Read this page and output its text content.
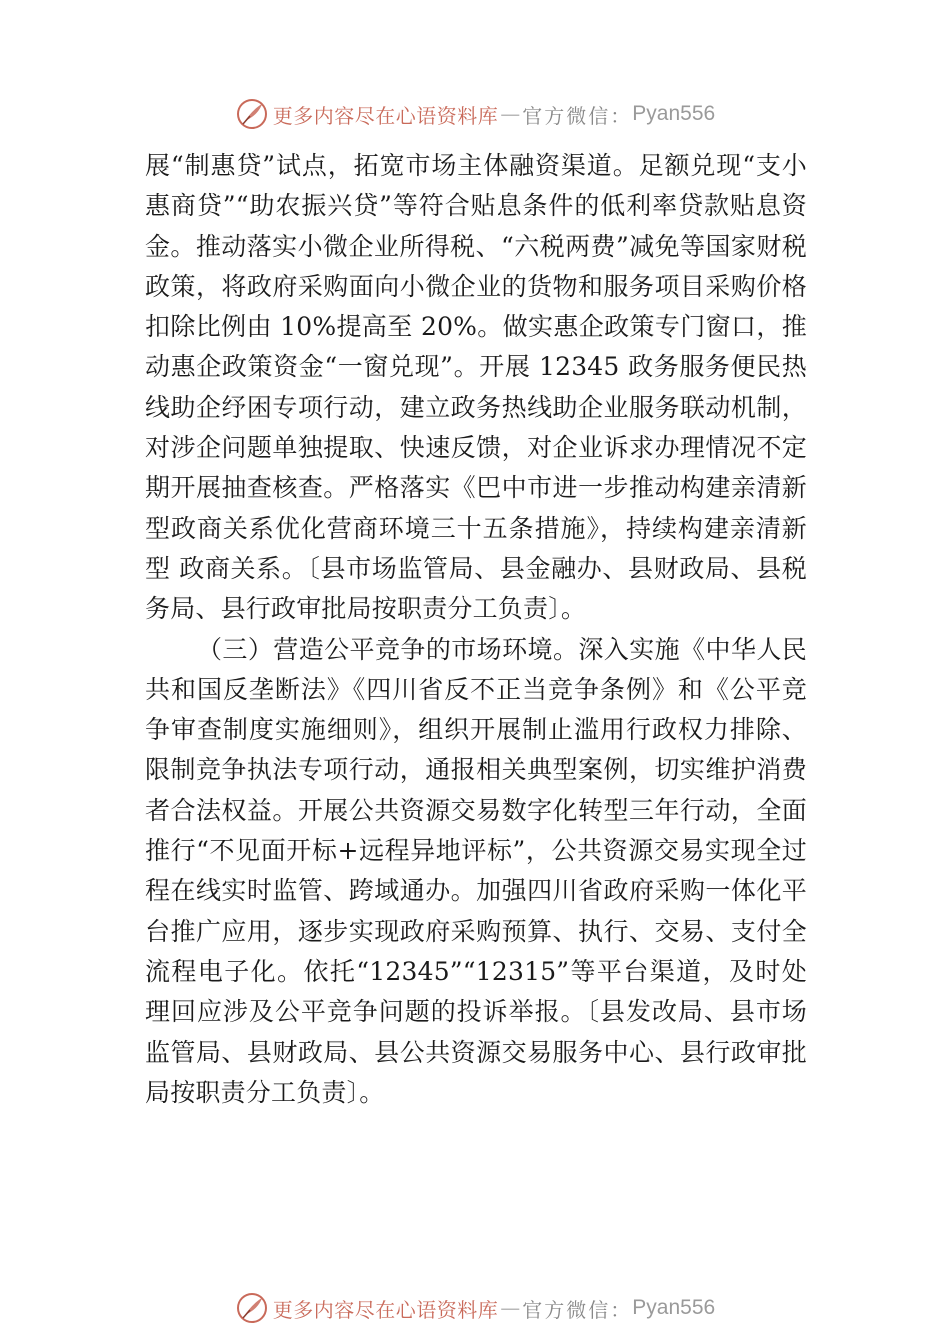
更多内容尽在心语资料库 — 官方微信： Pyan556

展“制惠贷”试点，拓宽市场主体融资渠道。足额兑现“支小惠商贷”“助农振兴贷”等符合贴息条件的低利率贷款贴息资金。推动落实小微企业所得税、“六税两费”减免等国家财税政策，将政府采购面向小微企业的货物和服务项目采购价格扣除比例由 10%提高至 20%。做实惠企政策专门窗口，推动惠企政策资金“一窗兑现”。开展 12345 政务服务便民热线助企纾困专项行动，建立政务热线助企业服务联动机制，对涉企问题单独提取、快速反馈，对企业诉求办理情况不定期开展抽查核查。严格落实《巴中市进一步推动构建亲清新型政商关系优化营商环境三十五条措施》，持续构建亲清新型 政商关系。〔县市场监管局、县金融办、县财政局、县税务局、县行政审批局按职责分工负责〕。

（三）营造公平竞争的市场环境。深入实施《中华人民共和国反垄断法》《四川省反不正当竞争条例》和《公平竞争审查制度实施细则》，组织开展制止滥用行政权力排除、限制竞争执法专项行动，通报相关典型案例，切实维护消费者合法权益。开展公共资源交易数字化转型三年行动，全面推行“不见面开标+远程异地评标”，公共资源交易实现全过程在线实时监管、跨域通办。加强四川省政府采购一体化平台推广应用，逐步实现政府采购预算、执行、交易、支付全流程电子化。依托“12345”“12315”等平台渠道，及时处理回应涉及公平竞争问题的投诉举报。〔县发改局、县市场监管局、县财政局、县公共资源交易服务中心、县行政审批局按职责分工负责〕。

更多内容尽在心语资料库 — 官方微信： Pyan556
